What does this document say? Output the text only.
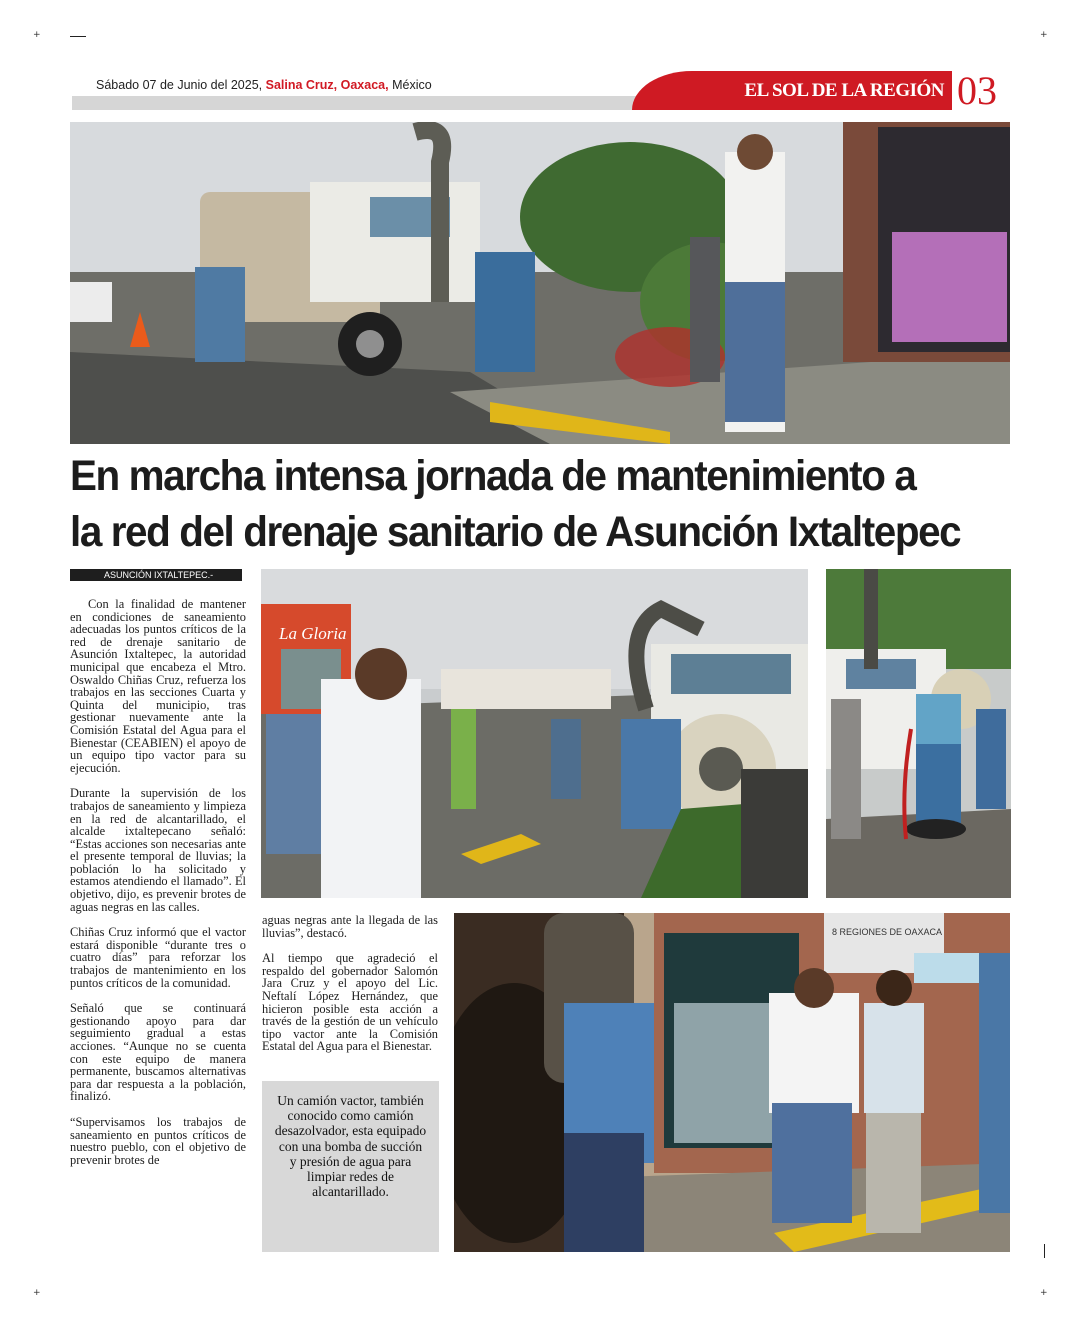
+	+
+	+
Sábado 07 de Junio del 2025, Salina Cruz, Oaxaca, México	EL SOL DE LA REGIÓN 03
En marcha intensa jornada de mantenimiento a
la red del drenaje sanitario de Asunción Ixtaltepec
ASUNCIÓN IXTALTEPEC.-

Con la finalidad de mantener en condiciones de saneamiento adecuadas los puntos críticos de la red de drenaje sanitario de Asunción Ixtaltepec, la autoridad municipal que encabeza el Mtro. Oswaldo Chiñas Cruz, refuerza los trabajos en las secciones Cuarta y Quinta del municipio, tras gestionar nuevamente ante la Comisión Estatal del Agua para el Bienestar (CEABIEN) el apoyo de un equipo tipo vactor para su ejecución.

Durante la supervisión de los trabajos de saneamiento y limpieza en la red de alcantarillado, el alcalde ixtaltepecano señaló: “Estas acciones son necesarias ante el presente temporal de lluvias; la población lo ha solicitado y estamos atendiendo el llamado”. El objetivo, dijo, es prevenir brotes de aguas negras en las calles.

Chiñas Cruz informó que el vactor estará disponible “durante tres o cuatro días” para reforzar los trabajos de mantenimiento en los puntos críticos de la comunidad.

Señaló que se continuará gestionando apoyo para dar seguimiento gradual a estas acciones. “Aunque no se cuenta con este equipo de manera permanente, buscamos alternativas para dar respuesta a la población, finalizó.

“Supervisamos los trabajos de saneamiento en puntos críticos de nuestro pueblo, con el objetivo de prevenir brotes de

La Gloria

aguas negras ante la llegada de las lluvias”, destacó.

Al tiempo que agradeció el respaldo del gobernador Salomón Jara Cruz y el apoyo del Lic. Neftalí López Hernández, que hicieron posible esta acción a través de la gestión de un vehículo tipo vactor ante la Comisión Estatal del Agua para el Bienestar.

Un camión vactor, también conocido como camión desazolvador, esta equipado con una bomba de succión y presión de agua para limpiar redes de alcantarillado.
8 REGIONES DE OAXACA
